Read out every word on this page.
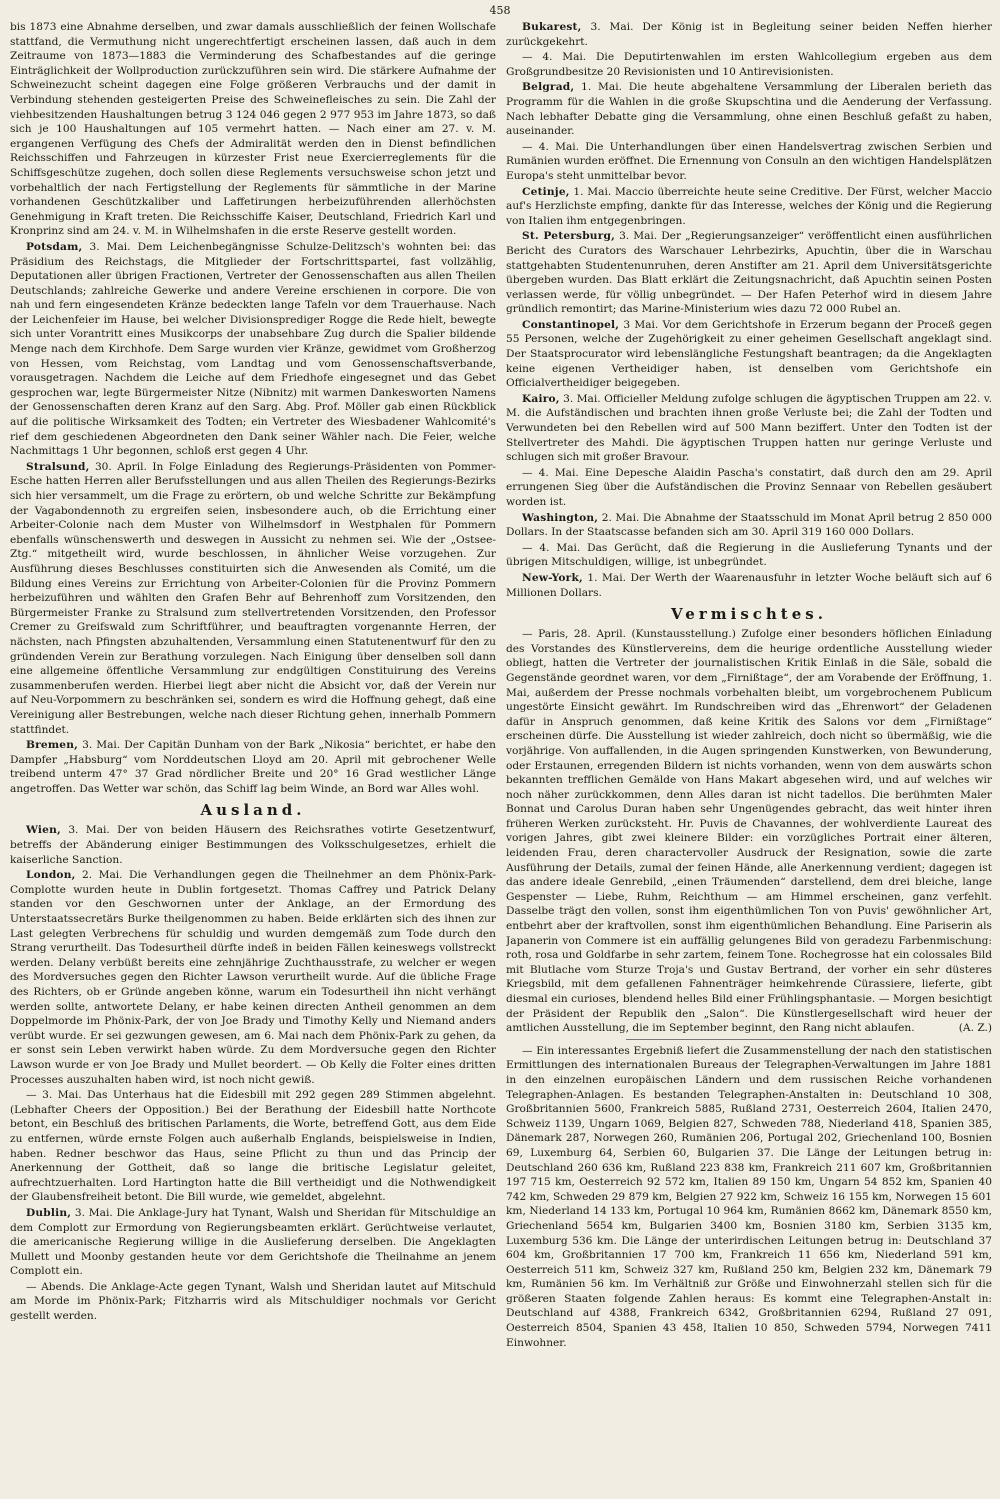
458

bis 1873 eine Abnahme derselben, und zwar damals ausschließlich der feinen Wollschafe stattfand, die Vermuthung nicht ungerechtfertigt erscheinen lassen, daß auch in dem Zeitraume von 1873—1883 die Verminderung des Schafbestandes auf die geringe Einträglichkeit der Wollproduction zurückzuführen sein wird. Die stärkere Aufnahme der Schweinezucht scheint dagegen eine Folge größeren Verbrauchs und der damit in Verbindung stehenden gesteigerten Preise des Schweinefleisches zu sein. Die Zahl der viehbesitzenden Haushaltungen betrug 3 124 046 gegen 2 977 953 im Jahre 1873, so daß sich je 100 Haushaltungen auf 105 vermehrt hatten. — Nach einer am 27. v. M. ergangenen Verfügung des Chefs der Admiralität werden den in Dienst befindlichen Reichsschiffen und Fahrzeugen in kürzester Frist neue Exercierreglements für die Schiffsgeschütze zugehen, doch sollen diese Reglements versuchsweise schon jetzt und vorbehaltlich der nach Fertigstellung der Reglements für sämmtliche in der Marine vorhandenen Geschützkaliber und Laffetirungen herbeizuführenden allerhöchsten Genehmigung in Kraft treten. Die Reichsschiffe Kaiser, Deutschland, Friedrich Karl und Kronprinz sind am 24. v. M. in Wilhelmshafen in die erste Reserve gestellt worden.

Potsdam, 3. Mai. Dem Leichenbegängnisse Schulze-Delitzsch's wohnten bei: das Präsidium des Reichstags, die Mitglieder der Fortschrittspartei, fast vollzählig, Deputationen aller übrigen Fractionen, Vertreter der Genossenschaften aus allen Theilen Deutschlands; zahlreiche Gewerke und andere Vereine erschienen in corpore. Die von nah und fern eingesendeten Kränze bedeckten lange Tafeln vor dem Trauerhause. Nach der Leichenfeier im Hause, bei welcher Divisionsprediger Rogge die Rede hielt, bewegte sich unter Vorantritt eines Musikcorps der unabsehbare Zug durch die Spalier bildende Menge nach dem Kirchhofe. Dem Sarge wurden vier Kränze, gewidmet vom Großherzog von Hessen, vom Reichstag, vom Landtag und vom Genossenschaftsverbande, vorausgetragen. Nachdem die Leiche auf dem Friedhofe eingesegnet und das Gebet gesprochen war, legte Bürgermeister Nitze (Nibnitz) mit warmen Dankesworten Namens der Genossenschaften deren Kranz auf den Sarg. Abg. Prof. Möller gab einen Rückblick auf die politische Wirksamkeit des Todten; ein Vertreter des Wiesbadener Wahlcomité's rief dem geschiedenen Abgeordneten den Dank seiner Wähler nach. Die Feier, welche Nachmittags 1 Uhr begonnen, schloß erst gegen 4 Uhr.

Stralsund, 30. April. In Folge Einladung des Regierungs-Präsidenten von Pommer-Esche hatten Herren aller Berufsstellungen und aus allen Theilen des Regierungs-Bezirks sich hier versammelt, um die Frage zu erörtern, ob und welche Schritte zur Bekämpfung der Vagabondennoth zu ergreifen seien, insbesondere auch, ob die Errichtung einer Arbeiter-Colonie nach dem Muster von Wilhelmsdorf in Westphalen für Pommern ebenfalls wünschenswerth und deswegen in Aussicht zu nehmen sei. Wie der „Ostsee-Ztg.“ mitgetheilt wird, wurde beschlossen, in ähnlicher Weise vorzugehen. Zur Ausführung dieses Beschlusses constituirten sich die Anwesenden als Comité, um die Bildung eines Vereins zur Errichtung von Arbeiter-Colonien für die Provinz Pommern herbeizuführen und wählten den Grafen Behr auf Behrenhoff zum Vorsitzenden, den Bürgermeister Franke zu Stralsund zum stellvertretenden Vorsitzenden, den Professor Cremer zu Greifswald zum Schriftführer, und beauftragten vorgenannte Herren, der nächsten, nach Pfingsten abzuhaltenden, Versammlung einen Statutenentwurf für den zu gründenden Verein zur Berathung vorzulegen. Nach Einigung über denselben soll dann eine allgemeine öffentliche Versammlung zur endgültigen Constituirung des Vereins zusammenberufen werden. Hierbei liegt aber nicht die Absicht vor, daß der Verein nur auf Neu-Vorpommern zu beschränken sei, sondern es wird die Hoffnung gehegt, daß eine Vereinigung aller Bestrebungen, welche nach dieser Richtung gehen, innerhalb Pommern stattfindet.

Bremen, 3. Mai. Der Capitän Dunham von der Bark „Nikosia“ berichtet, er habe den Dampfer „Habsburg“ vom Norddeutschen Lloyd am 20. April mit gebrochener Welle treibend unterm 47° 37 Grad nördlicher Breite und 20° 16 Grad westlicher Länge angetroffen. Das Wetter war schön, das Schiff lag beim Winde, an Bord war Alles wohl.

Ausland.

Wien, 3. Mai. Der von beiden Häusern des Reichsrathes votirte Gesetzentwurf, betreffs der Abänderung einiger Bestimmungen des Volksschulgesetzes, erhielt die kaiserliche Sanction.

London, 2. Mai. Die Verhandlungen gegen die Theilnehmer an dem Phönix-Park-Complotte wurden heute in Dublin fortgesetzt. Thomas Caffrey und Patrick Delany standen vor den Geschwornen unter der Anklage, an der Ermordung des Unterstaatssecretärs Burke theilgenommen zu haben. Beide erklärten sich des ihnen zur Last gelegten Verbrechens für schuldig und wurden demgemäß zum Tode durch den Strang verurtheilt. Das Todesurtheil dürfte indeß in beiden Fällen keineswegs vollstreckt werden. Delany verbüßt bereits eine zehnjährige Zuchthausstrafe, zu welcher er wegen des Mordversuches gegen den Richter Lawson verurtheilt wurde. Auf die übliche Frage des Richters, ob er Gründe angeben könne, warum ein Todesurtheil ihn nicht verhängt werden sollte, antwortete Delany, er habe keinen directen Antheil genommen an dem Doppelmorde im Phönix-Park, der von Joe Brady und Timothy Kelly und Niemand anders verübt wurde. Er sei gezwungen gewesen, am 6. Mai nach dem Phönix-Park zu gehen, da er sonst sein Leben verwirkt haben würde. Zu dem Mordversuche gegen den Richter Lawson wurde er von Joe Brady und Mullet beordert. — Ob Kelly die Folter eines dritten Processes auszuhalten haben wird, ist noch nicht gewiß.

— 3. Mai. Das Unterhaus hat die Eidesbill mit 292 gegen 289 Stimmen abgelehnt. (Lebhafter Cheers der Opposition.) Bei der Berathung der Eidesbill hatte Northcote betont, ein Beschluß des britischen Parlaments, die Worte, betreffend Gott, aus dem Eide zu entfernen, würde ernste Folgen auch außerhalb Englands, beispielsweise in Indien, haben. Redner beschwor das Haus, seine Pflicht zu thun und das Princip der Anerkennung der Gottheit, daß so lange die britische Legislatur geleitet, aufrechtzuerhalten. Lord Hartington hatte die Bill vertheidigt und die Nothwendigkeit der Glaubensfreiheit betont. Die Bill wurde, wie gemeldet, abgelehnt.

Dublin, 3. Mai. Die Anklage-Jury hat Tynant, Walsh und Sheridan für Mitschuldige an dem Complott zur Ermordung von Regierungsbeamten erklärt. Gerüchtweise verlautet, die americanische Regierung willige in die Auslieferung derselben. Die Angeklagten Mullett und Moonby gestanden heute vor dem Gerichtshofe die Theilnahme an jenem Complott ein.

— Abends. Die Anklage-Acte gegen Tynant, Walsh und Sheridan lautet auf Mitschuld am Morde im Phönix-Park; Fitzharris wird als Mitschuldiger nochmals vor Gericht gestellt werden.

Bukarest, 3. Mai. Der König ist in Begleitung seiner beiden Neffen hierher zurückgekehrt.

— 4. Mai. Die Deputirtenwahlen im ersten Wahlcollegium ergeben aus dem Großgrundbesitze 20 Revisionisten und 10 Antirevisionisten.

Belgrad, 1. Mai. Die heute abgehaltene Versammlung der Liberalen berieth das Programm für die Wahlen in die große Skupschtina und die Aenderung der Verfassung. Nach lebhafter Debatte ging die Versammlung, ohne einen Beschluß gefaßt zu haben, auseinander.

— 4. Mai. Die Unterhandlungen über einen Handelsvertrag zwischen Serbien und Rumänien wurden eröffnet. Die Ernennung von Consuln an den wichtigen Handelsplätzen Europa's steht unmittelbar bevor.

Cetinje, 1. Mai. Maccio überreichte heute seine Creditive. Der Fürst, welcher Maccio auf's Herzlichste empfing, dankte für das Interesse, welches der König und die Regierung von Italien ihm entgegenbringen.

St. Petersburg, 3. Mai. Der „Regierungsanzeiger“ veröffentlicht einen ausführlichen Bericht des Curators des Warschauer Lehrbezirks, Apuchtin, über die in Warschau stattgehabten Studentenunruhen, deren Anstifter am 21. April dem Universitätsgerichte übergeben wurden. Das Blatt erklärt die Zeitungsnachricht, daß Apuchtin seinen Posten verlassen werde, für völlig unbegründet. — Der Hafen Peterhof wird in diesem Jahre gründlich remontirt; das Marine-Ministerium wies dazu 72 000 Rubel an.

Constantinopel, 3 Mai. Vor dem Gerichtshofe in Erzerum begann der Proceß gegen 55 Personen, welche der Zugehörigkeit zu einer geheimen Gesellschaft angeklagt sind. Der Staatsprocurator wird lebenslängliche Festungshaft beantragen; da die Angeklagten keine eigenen Vertheidiger haben, ist denselben vom Gerichtshofe ein Officialvertheidiger beigegeben.

Kairo, 3. Mai. Officieller Meldung zufolge schlugen die ägyptischen Truppen am 22. v. M. die Aufständischen und brachten ihnen große Verluste bei; die Zahl der Todten und Verwundeten bei den Rebellen wird auf 500 Mann beziffert. Unter den Todten ist der Stellvertreter des Mahdi. Die ägyptischen Truppen hatten nur geringe Verluste und schlugen sich mit großer Bravour.

— 4. Mai. Eine Depesche Alaidin Pascha's constatirt, daß durch den am 29. April errungenen Sieg über die Aufständischen die Provinz Sennaar von Rebellen gesäubert worden ist.

Washington, 2. Mai. Die Abnahme der Staatsschuld im Monat April betrug 2 850 000 Dollars. In der Staatscasse befanden sich am 30. April 319 160 000 Dollars.

— 4. Mai. Das Gerücht, daß die Regierung in die Auslieferung Tynants und der übrigen Mitschuldigen, willige, ist unbegründet.

New-York, 1. Mai. Der Werth der Waarenausfuhr in letzter Woche beläuft sich auf 6 Millionen Dollars.

Vermischtes.

— Paris, 28. April. (Kunstausstellung.) Zufolge einer besonders höflichen Einladung des Vorstandes des Künstlervereins, dem die heurige ordentliche Ausstellung wieder obliegt, hatten die Vertreter der journalistischen Kritik Einlaß in die Säle, sobald die Gegenstände geordnet waren, vor dem „Firnißtage“, der am Vorabende der Eröffnung, 1. Mai, außerdem der Presse nochmals vorbehalten bleibt, um vorgebrochenem Publicum ungestörte Einsicht gewährt. Im Rundschreiben wird das „Ehrenwort“ der Geladenen dafür in Anspruch genommen, daß keine Kritik des Salons vor dem „Firnißtage“ erscheinen dürfe. Die Ausstellung ist wieder zahlreich, doch nicht so übermäßig, wie die vorjährige. Von auffallenden, in die Augen springenden Kunstwerken, von Bewunderung, oder Erstaunen, erregenden Bildern ist nichts vorhanden, wenn von dem auswärts schon bekannten trefflichen Gemälde von Hans Makart abgesehen wird, und auf welches wir noch näher zurückkommen, denn Alles daran ist nicht tadellos. Die berühmten Maler Bonnat und Carolus Duran haben sehr Ungenügendes gebracht, das weit hinter ihren früheren Werken zurücksteht. Hr. Puvis de Chavannes, der wohlverdiente Laureat des vorigen Jahres, gibt zwei kleinere Bilder: ein vorzügliches Portrait einer älteren, leidenden Frau, deren charactervoller Ausdruck der Resignation, sowie die zarte Ausführung der Details, zumal der feinen Hände, alle Anerkennung verdient; dagegen ist das andere ideale Genrebild, „einen Träumenden“ darstellend, dem drei bleiche, lange Gespenster — Liebe, Ruhm, Reichthum — am Himmel erscheinen, ganz verfehlt. Dasselbe trägt den vollen, sonst ihm eigenthümlichen Ton von Puvis' gewöhnlicher Art, entbehrt aber der kraftvollen, sonst ihm eigenthümlichen Behandlung. Eine Pariserin als Japanerin von Commere ist ein auffällig gelungenes Bild von geradezu Farbenmischung: roth, rosa und Goldfarbe in sehr zartem, feinem Tone. Rochegrosse hat ein colossales Bild mit Blutlache vom Sturze Troja's und Gustav Bertrand, der vorher ein sehr düsteres Kriegsbild, mit dem gefallenen Fahnenträger heimkehrende Cürassiere, lieferte, gibt diesmal ein curioses, blendend helles Bild einer Frühlingsphantasie. — Morgen besichtigt der Präsident der Republik den „Salon“. Die Künstlergesellschaft wird heuer der amtlichen Ausstellung, die im September beginnt, den Rang nicht ablaufen.	(A. Z.)

— Ein interessantes Ergebniß liefert die Zusammenstellung der nach den statistischen Ermittlungen des internationalen Bureaus der Telegraphen-Verwaltungen im Jahre 1881 in den einzelnen europäischen Ländern und dem russischen Reiche vorhandenen Telegraphen-Anlagen. Es bestanden Telegraphen-Anstalten in: Deutschland 10 308, Großbritannien 5600, Frankreich 5885, Rußland 2731, Oesterreich 2604, Italien 2470, Schweiz 1139, Ungarn 1069, Belgien 827, Schweden 788, Niederland 418, Spanien 385, Dänemark 287, Norwegen 260, Rumänien 206, Portugal 202, Griechenland 100, Bosnien 69, Luxemburg 64, Serbien 60, Bulgarien 37. Die Länge der Leitungen betrug in: Deutschland 260 636 km, Rußland 223 838 km, Frankreich 211 607 km, Großbritannien 197 715 km, Oesterreich 92 572 km, Italien 89 150 km, Ungarn 54 852 km, Spanien 40 742 km, Schweden 29 879 km, Belgien 27 922 km, Schweiz 16 155 km, Norwegen 15 601 km, Niederland 14 133 km, Portugal 10 964 km, Rumänien 8662 km, Dänemark 8550 km, Griechenland 5654 km, Bulgarien 3400 km, Bosnien 3180 km, Serbien 3135 km, Luxemburg 536 km. Die Länge der unterirdischen Leitungen betrug in: Deutschland 37 604 km, Großbritannien 17 700 km, Frankreich 11 656 km, Niederland 591 km, Oesterreich 511 km, Schweiz 327 km, Rußland 250 km, Belgien 232 km, Dänemark 79 km, Rumänien 56 km. Im Verhältniß zur Größe und Einwohnerzahl stellen sich für die größeren Staaten folgende Zahlen heraus: Es kommt eine Telegraphen-Anstalt in: Deutschland auf 4388, Frankreich 6342, Großbritannien 6294, Rußland 27 091, Oesterreich 8504, Spanien 43 458, Italien 10 850, Schweden 5794, Norwegen 7411 Einwohner.
